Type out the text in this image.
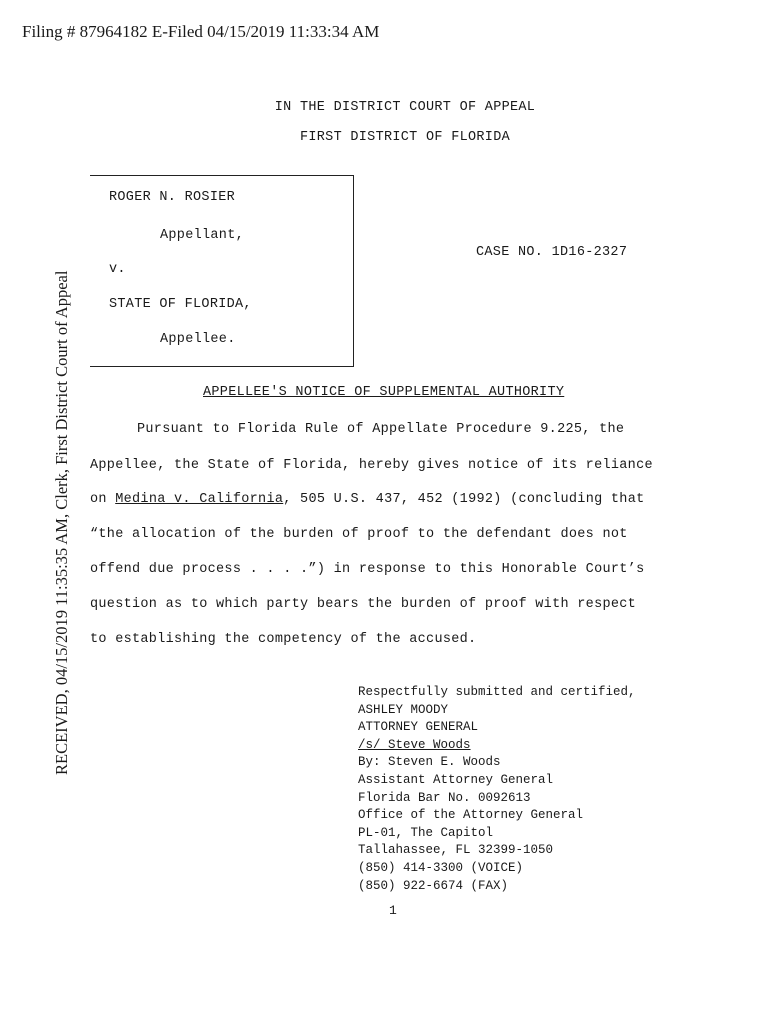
Filing # 87964182 E-Filed 04/15/2019 11:33:34 AM
RECEIVED, 04/15/2019 11:35:35 AM, Clerk, First District Court of Appeal
IN THE DISTRICT COURT OF APPEAL
FIRST DISTRICT OF FLORIDA
ROGER N. ROSIER
Appellant,
v.
STATE OF FLORIDA,
Appellee.
CASE NO. 1D16-2327
APPELLEE'S NOTICE OF SUPPLEMENTAL AUTHORITY
Pursuant to Florida Rule of Appellate Procedure 9.225, the
Appellee, the State of Florida, hereby gives notice of its reliance
on Medina v. California, 505 U.S. 437, 452 (1992) (concluding that
“the allocation of the burden of proof to the defendant does not
offend due process . . . .”) in response to this Honorable Court’s
question as to which party bears the burden of proof with respect
to establishing the competency of the accused.
Respectfully submitted and certified,
ASHLEY MOODY
ATTORNEY GENERAL
/s/ Steve Woods
By: Steven E. Woods
Assistant Attorney General
Florida Bar No. 0092613
Office of the Attorney General
PL-01, The Capitol
Tallahassee, FL 32399-1050
(850) 414-3300 (VOICE)
(850) 922-6674 (FAX)
1
